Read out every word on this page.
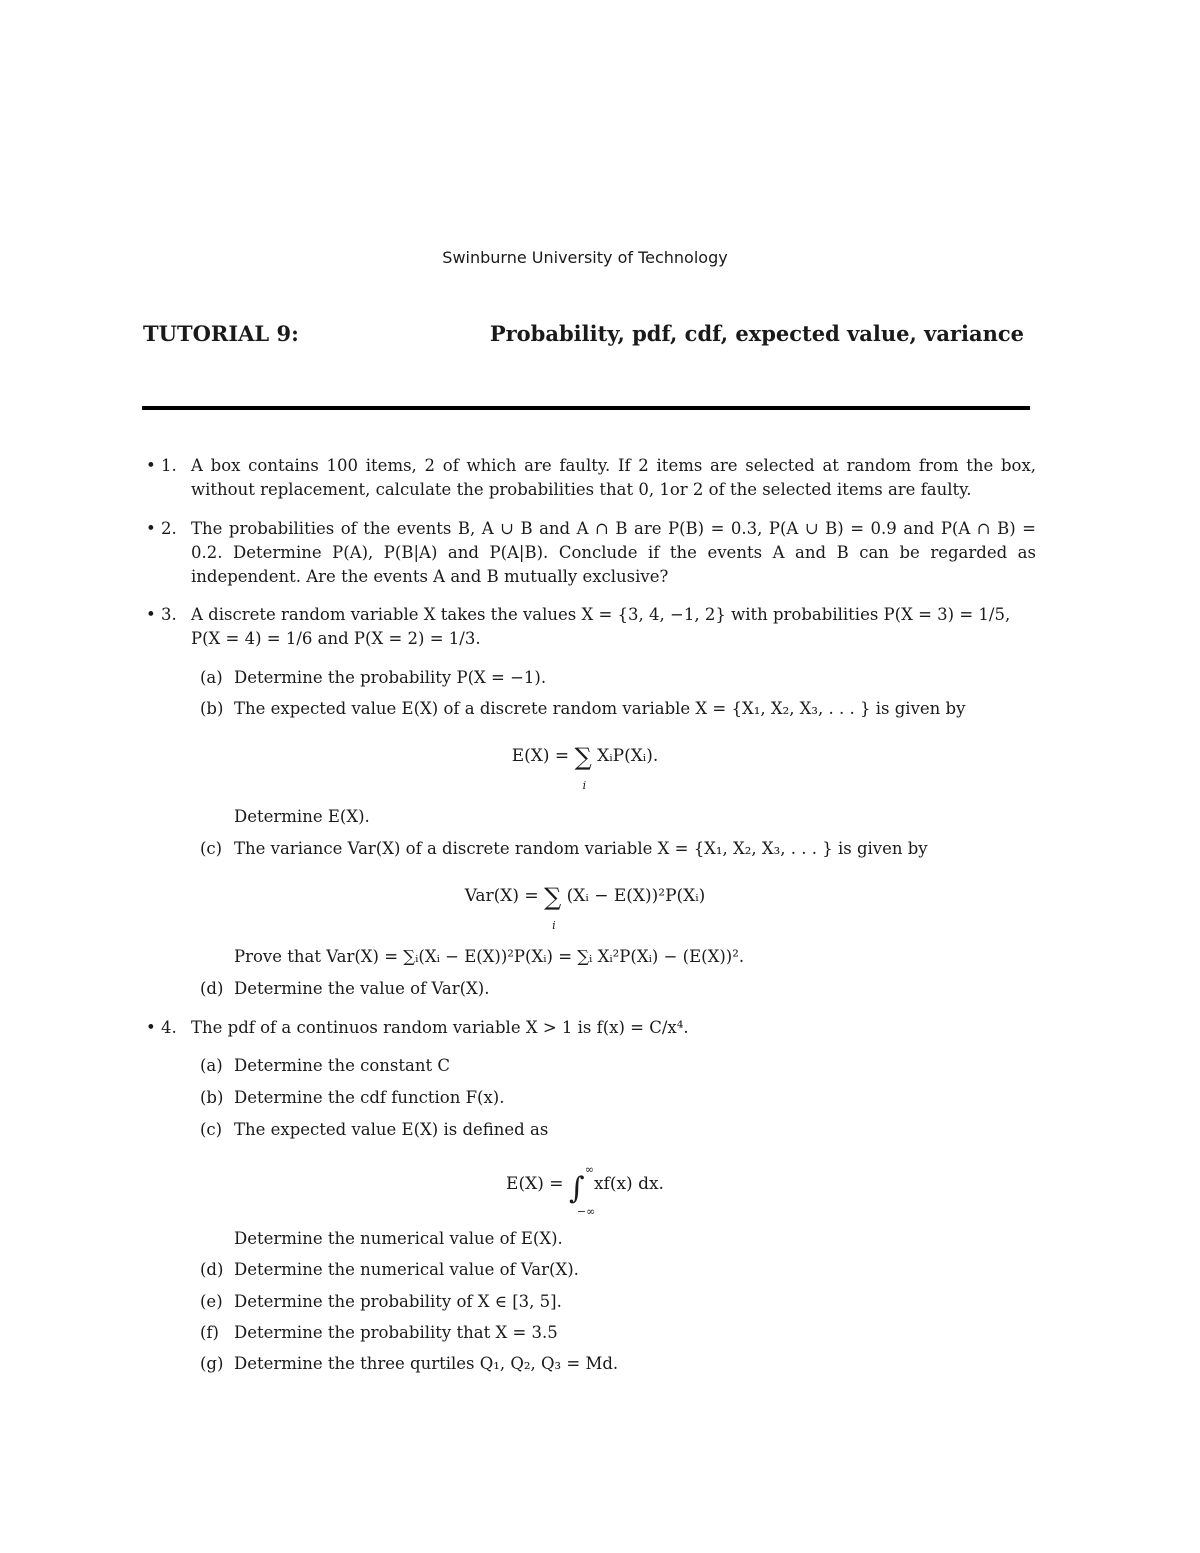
Swinburne University of Technology
TUTORIAL 9:	Probability, pdf, cdf, expected value, variance
• 1. A box contains 100 items, 2 of which are faulty. If 2 items are selected at random from the box, without replacement, calculate the probabilities that 0, 1or 2 of the selected items are faulty.
• 2. The probabilities of the events B, A ∪ B and A ∩ B are P(B) = 0.3, P(A ∪ B) = 0.9 and P(A ∩ B) = 0.2. Determine P(A), P(B|A) and P(A|B). Conclude if the events A and B can be regarded as independent. Are the events A and B mutually exclusive?
• 3. A discrete random variable X takes the values X = {3, 4, −1, 2} with probabilities P(X = 3) = 1/5,
P(X = 4) = 1/6 and P(X = 2) = 1/3.
(a) Determine the probability P(X = −1).
(b) The expected value E(X) of a discrete random variable X = {X₁, X₂, X₃, . . . } is given by
E(X) = ∑
i
XᵢP(Xᵢ).
Determine E(X).
(c) The variance Var(X) of a discrete random variable X = {X₁, X₂, X₃, . . . } is given by
Var(X) = ∑
i
(Xᵢ − E(X))²P(Xᵢ)
Prove that Var(X) = ∑ᵢ(Xᵢ − E(X))²P(Xᵢ) = ∑ᵢ Xᵢ²P(Xᵢ) − (E(X))².
(d) Determine the value of Var(X).
• 4. The pdf of a continuos random variable X > 1 is f(x) = C/x⁴.
(a) Determine the constant C
(b) Determine the cdf function F(x).
(c) The expected value E(X) is defined as
E(X) = ∫
∞
−∞
xf(x) dx.
Determine the numerical value of E(X).
(d) Determine the numerical value of Var(X).
(e) Determine the probability of X ∈ [3, 5].
(f) Determine the probability that X = 3.5
(g) Determine the three qurtiles Q₁, Q₂, Q₃ = Md.
